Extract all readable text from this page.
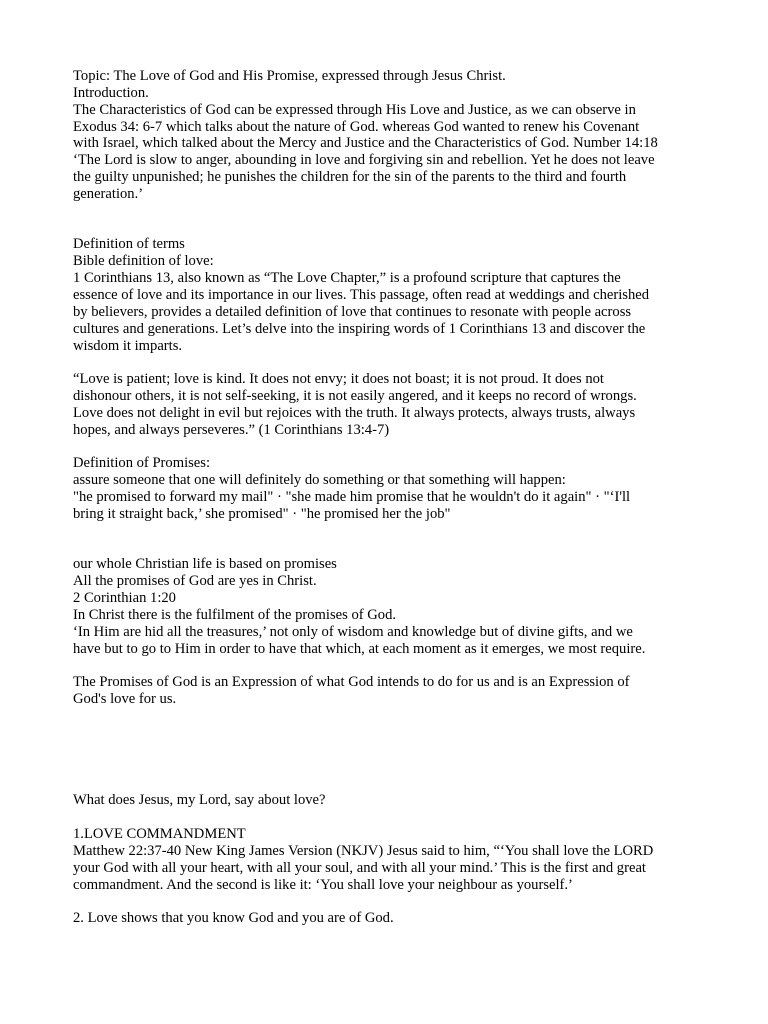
Topic: The Love of God and His Promise, expressed through Jesus Christ.
Introduction.
The Characteristics of God can be expressed through His Love and Justice, as we can observe in
Exodus 34: 6-7 which talks about the nature of God. whereas God wanted to renew his Covenant
with Israel, which talked about the Mercy and Justice and the Characteristics of God. Number 14:18
‘The Lord is slow to anger, abounding in love and forgiving sin and rebellion. Yet he does not leave
the guilty unpunished; he punishes the children for the sin of the parents to the third and fourth
generation.’
Definition of terms
Bible definition of love:
1 Corinthians 13, also known as “The Love Chapter,” is a profound scripture that captures the
essence of love and its importance in our lives. This passage, often read at weddings and cherished
by believers, provides a detailed definition of love that continues to resonate with people across
cultures and generations. Let’s delve into the inspiring words of 1 Corinthians 13 and discover the
wisdom it imparts.
“Love is patient; love is kind. It does not envy; it does not boast; it is not proud. It does not
dishonour others, it is not self-seeking, it is not easily angered, and it keeps no record of wrongs.
Love does not delight in evil but rejoices with the truth. It always protects, always trusts, always
hopes, and always perseveres.” (1 Corinthians 13:4-7)
Definition of Promises:
assure someone that one will definitely do something or that something will happen:
"he promised to forward my mail" · "she made him promise that he wouldn't do it again" · "‘I'll
bring it straight back,’ she promised" · "he promised her the job"
our whole Christian life is based on promises
All the promises of God are yes in Christ.
2 Corinthian 1:20
In Christ there is the fulfilment of the promises of God.
‘In Him are hid all the treasures,’ not only of wisdom and knowledge but of divine gifts, and we
have but to go to Him in order to have that which, at each moment as it emerges, we most require.
The Promises of God is an Expression of what God intends to do for us and is an Expression of
God's love for us.
What does Jesus, my Lord, say about love?
1.LOVE COMMANDMENT
Matthew 22:37-40 New King James Version (NKJV) Jesus said to him, “‘You shall love the LORD
your God with all your heart, with all your soul, and with all your mind.’ This is the first and great
commandment. And the second is like it: ‘You shall love your neighbour as yourself.’
2. Love shows that you know God and you are of God.
